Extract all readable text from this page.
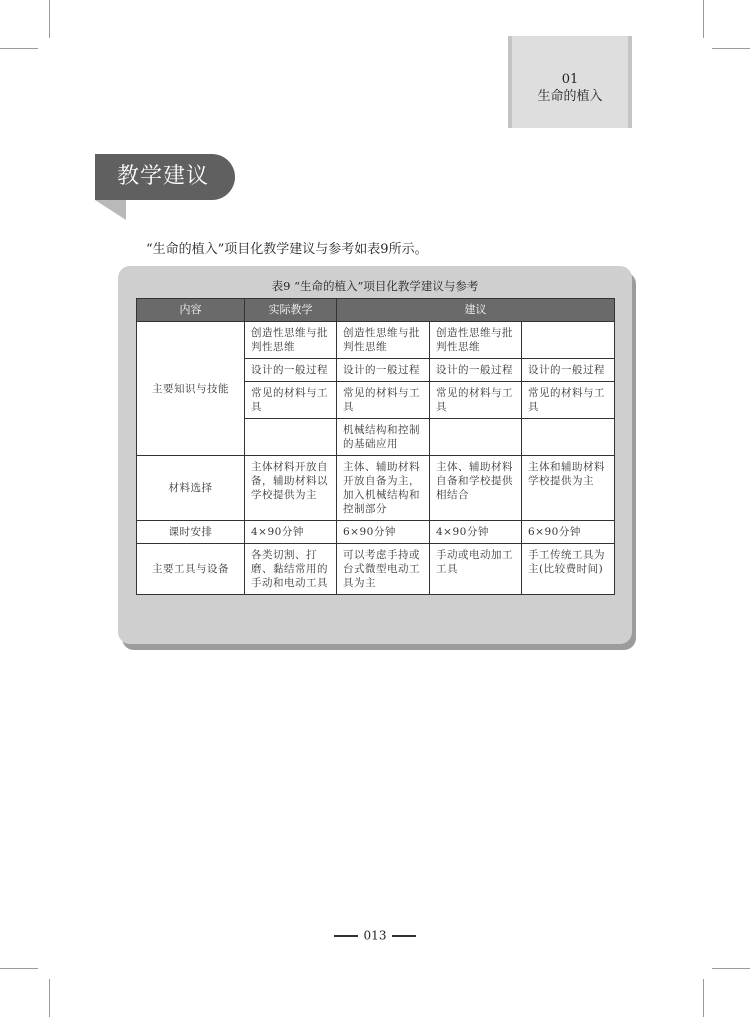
01
生命的植入
教学建议
“生命的植入”项目化教学建议与参考如表9所示。
表9 “生命的植入”项目化教学建议与参考
内容	实际教学	建议		
主要知识与技能	创造性思维与批判性思维	创造性思维与批判性思维	创造性思维与批判性思维	
	设计的一般过程	设计的一般过程	设计的一般过程	设计的一般过程
	常见的材料与工具	常见的材料与工具	常见的材料与工具	常见的材料与工具
		机械结构和控制的基础应用		
材料选择	主体材料开放自备，辅助材料以学校提供为主	主体、辅助材料开放自备为主，加入机械结构和控制部分	主体、辅助材料自备和学校提供相结合	主体和辅助材料学校提供为主
课时安排	4×90分钟	6×90分钟	4×90分钟	6×90分钟
主要工具与设备	各类切割、打磨、黏结常用的手动和电动工具	可以考虑手持或台式微型电动工具为主	手动或电动加工工具	手工传统工具为主(比较费时间)
013
